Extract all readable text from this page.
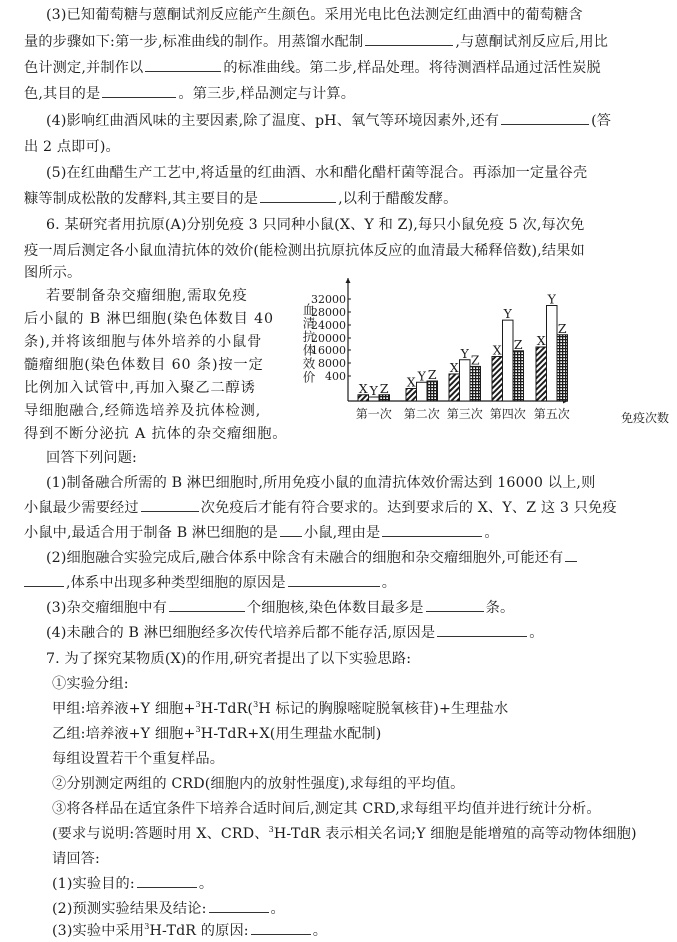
(3)已知葡萄糖与蒽酮试剂反应能产生颜色。采用光电比色法测定红曲酒中的葡萄糖含
量的步骤如下:第一步,标准曲线的制作。用蒸馏水配制	,与蒽酮试剂反应后,用比
色计测定,并制作以	的标准曲线。第二步,样品处理。将待测酒样品通过活性炭脱
色,其目的是	。第三步,样品测定与计算。
(4)影响红曲酒风味的主要因素,除了温度、pH、氧气等环境因素外,还有	(答
出 2 点即可)。
(5)在红曲醋生产工艺中,将适量的红曲酒、水和醋化醋杆菌等混合。再添加一定量谷壳
糠等制成松散的发酵料,其主要目的是	,以利于醋酸发酵。
6. 某研究者用抗原(A)分别免疫 3 只同种小鼠(X、Y 和 Z),每只小鼠免疫 5 次,每次免
疫一周后测定各小鼠血清抗体的效价(能检测出抗原抗体反应的血清最大稀释倍数),结果如
图所示。
若要制备杂交瘤细胞,需取免疫
后小鼠的 B 淋巴细胞(染色体数目 40
条),并将该细胞与体外培养的小鼠骨
髓瘤细胞(染色体数目 60 条)按一定
比例加入试管中,再加入聚乙二醇诱
导细胞融合,经筛选培养及抗体检测,
得到不断分泌抗 A 抗体的杂交瘤细胞。
400
8000
16000
20000
24000
28000
32000
血
清
抗
体
效
价
X Y Z
第一次
X Y Z
第二次
X
Y Z
第三次
X
Y
Z
第四次
X
Y
Z
第五次	免疫次数
回答下列问题:
(1)制备融合所需的 B 淋巴细胞时,所用免疫小鼠的血清抗体效价需达到 16000 以上,则
小鼠最少需要经过	次免疫后才能有符合要求的。达到要求后的 X、Y、Z 这 3 只免疫
小鼠中,最适合用于制备 B 淋巴细胞的是 小鼠,理由是	。
(2)细胞融合实验完成后,融合体系中除含有未融合的细胞和杂交瘤细胞外,可能还有
,体系中出现多种类型细胞的原因是	。
(3)杂交瘤细胞中有	个细胞核,染色体数目最多是	条。
(4)未融合的 B 淋巴细胞经多次传代培养后都不能存活,原因是	。
7. 为了探究某物质(X)的作用,研究者提出了以下实验思路:
①实验分组:
甲组:培养液+Y 细胞+$^3$H-TdR($^3$H 标记的胸腺嘧啶脱氧核苷)+生理盐水
乙组:培养液+Y 细胞+$^3$H-TdR+X(用生理盐水配制)
每组设置若干个重复样品。
②分别测定两组的 CRD(细胞内的放射性强度),求每组的平均值。
③将各样品在适宜条件下培养合适时间后,测定其 CRD,求每组平均值并进行统计分析。
(要求与说明:答题时用 X、CRD、$^3$H-TdR 表示相关名词;Y 细胞是能增殖的高等动物体细胞)
请回答:
(1)实验目的:	。
(2)预测实验结果及结论:	。
(3)实验中采用$^3$H-TdR 的原因:	。
